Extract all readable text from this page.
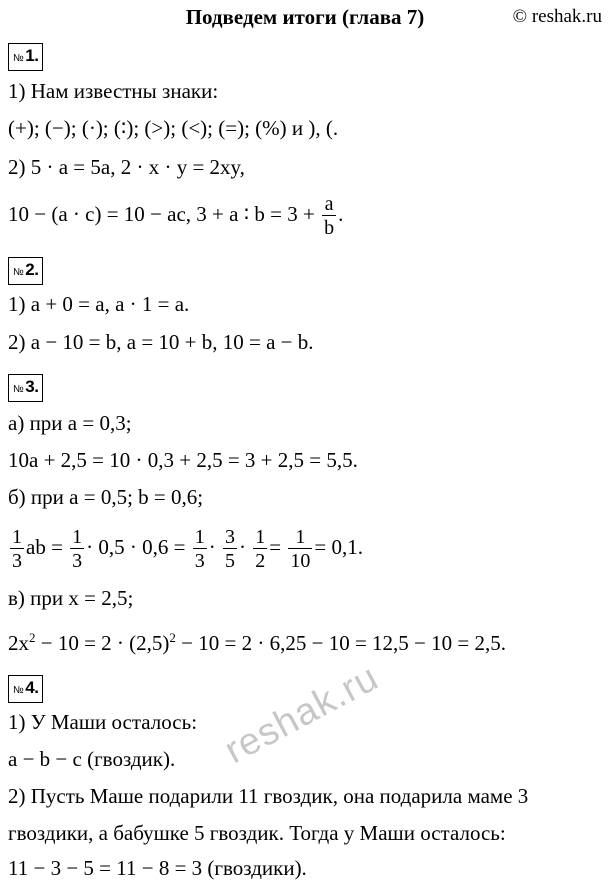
Подведем итоги (глава 7)	© reshak.ru
№ 1.
1) Нам известны знаки:
(+); (−); (·); (∶); (>); (<); (=); (%) и ), (.
2) 5 · a = 5a, 2 · x · y = 2xy,
10 − (a · c) = 10 − ac, 3 + a ∶ $b = 3 + \frac{a}{b}$ .
№ 2.
1) a + 0 = a, a · 1 = a.
2) a − 10 = b, a = 10 + b, 10 = a − b.
№ 3.
а) при a = 0,3;
10a + 2,5 = 10 · 0,3 + 2,5 = 3 + 2,5 = 5,5.
б) при a = 0,5; b = 0,6;
$\frac{1}{3}$ ab = $\frac{1}{3} \cdot 0,5 \cdot 0,6 = \frac{1}{3} \cdot \frac{3}{5} \cdot \frac{1}{2} = \frac{1}{10} = 0,1$.
в) при x = 2,5;
$2x^2 - 10 = 2 \cdot (2,5)^2 - 10 = 2 \cdot 6,25 - 10 = 12,5 - 10 = 2,5$.
№ 4.
1) У Маши осталось:
a − b − c (гвоздик).
2) Пусть Маше подарили 11 гвоздик, она подарила маме 3
гвоздики, а бабушке 5 гвоздик. Тогда у Маши осталось:
11 − 3 − 5 = 11 − 8 = 3 (гвоздики).
reshak.ru
